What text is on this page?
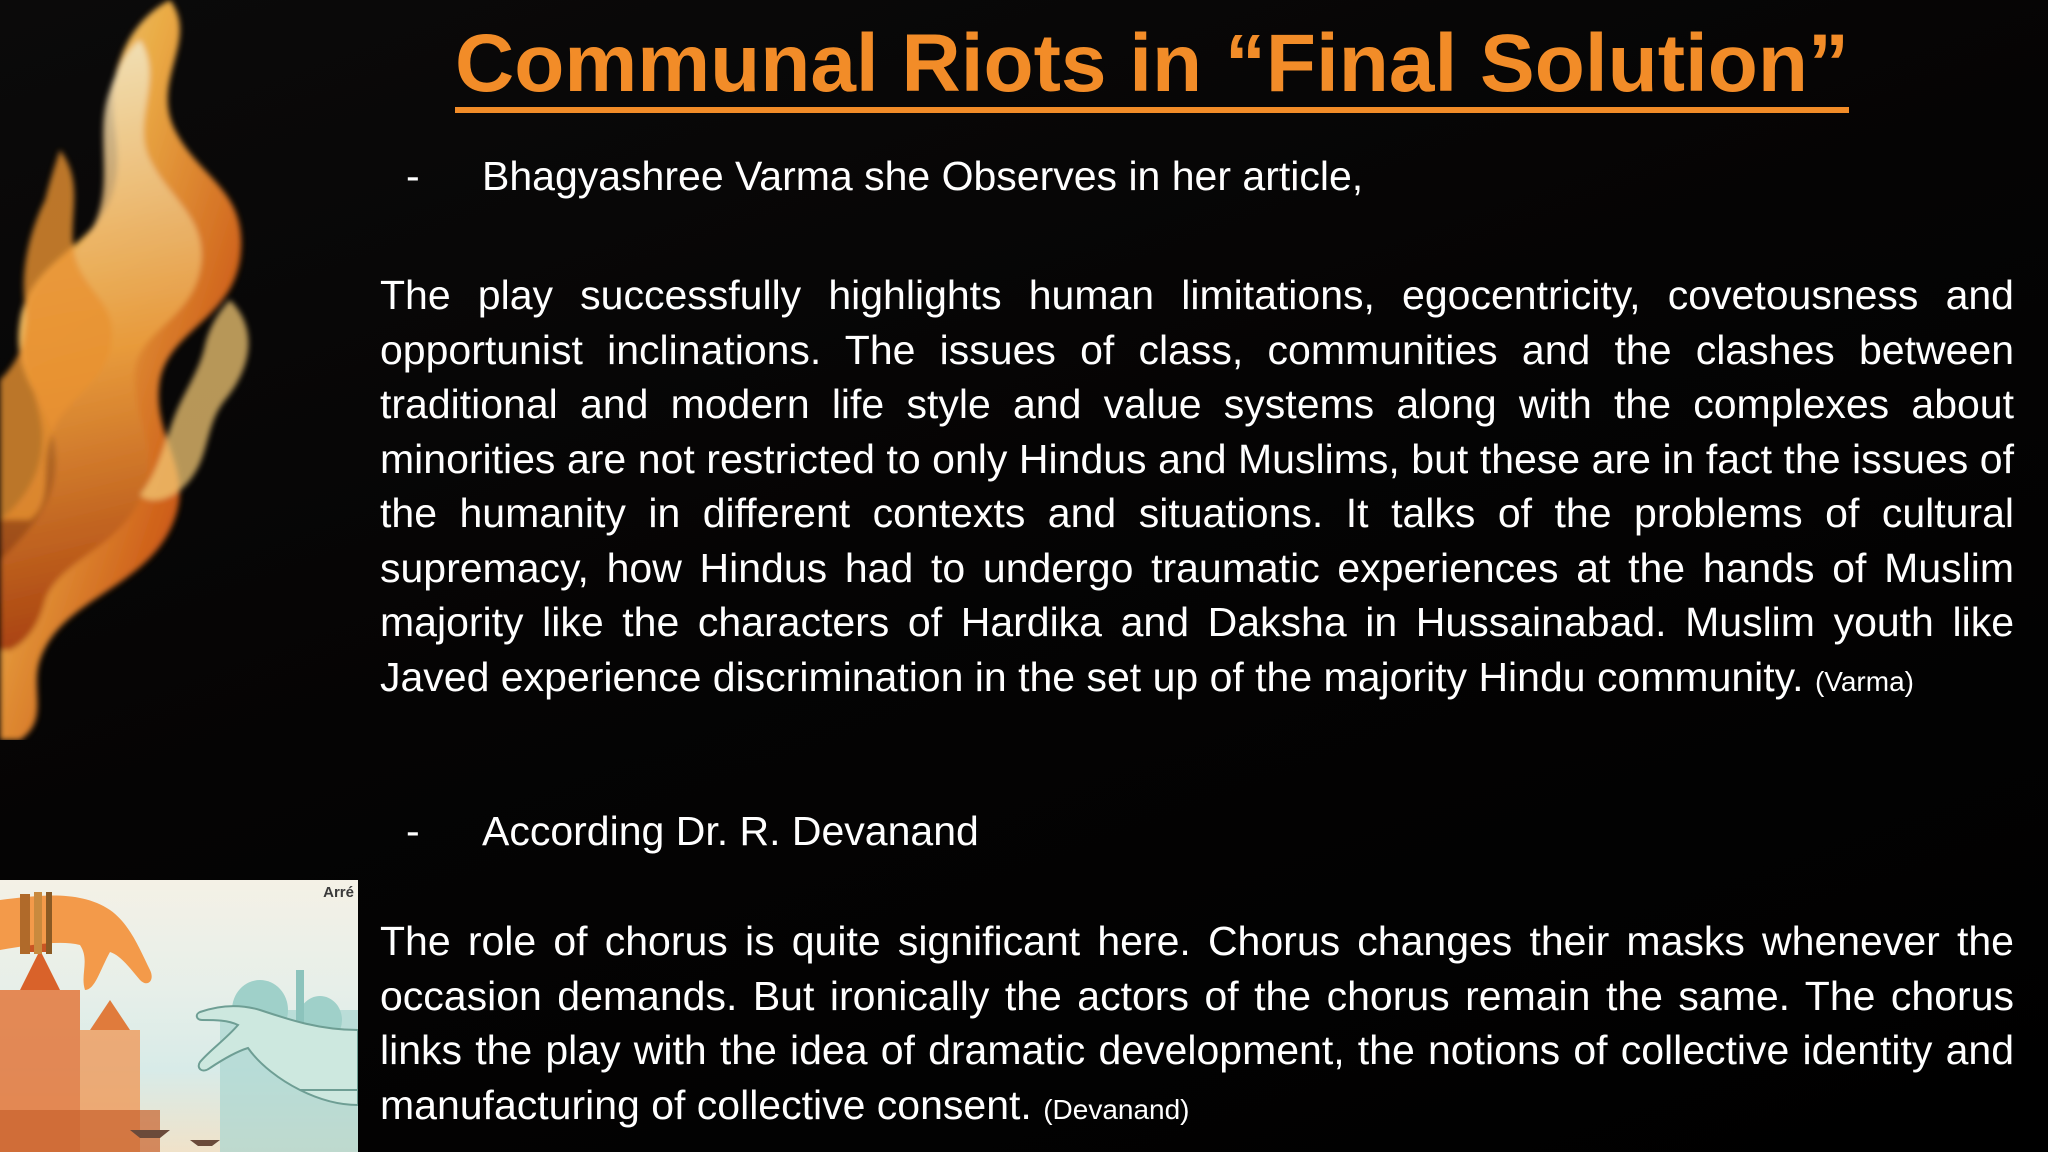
Arré
Communal Riots in “Final Solution”
-	Bhagyashree Varma she Observes in her article,
The play successfully highlights human limitations, egocentricity, covetousness and opportunist inclinations. The issues of class, communities and the clashes between traditional and modern life style and value systems along with the complexes about minorities are not restricted to only Hindus and Muslims, but these are in fact the issues of the humanity in different contexts and situations. It talks of the problems of cultural supremacy, how Hindus had to undergo traumatic experiences at the hands of Muslim majority like the characters of Hardika and Daksha in Hussainabad. Muslim youth like Javed experience discrimination in the set up of the majority Hindu community. (Varma)
-	According Dr. R. Devanand
The role of chorus is quite significant here. Chorus changes their masks whenever the occasion demands. But ironically the actors of the chorus remain the same. The chorus links the play with the idea of dramatic development, the notions of collective identity and manufacturing of collective consent. (Devanand)
